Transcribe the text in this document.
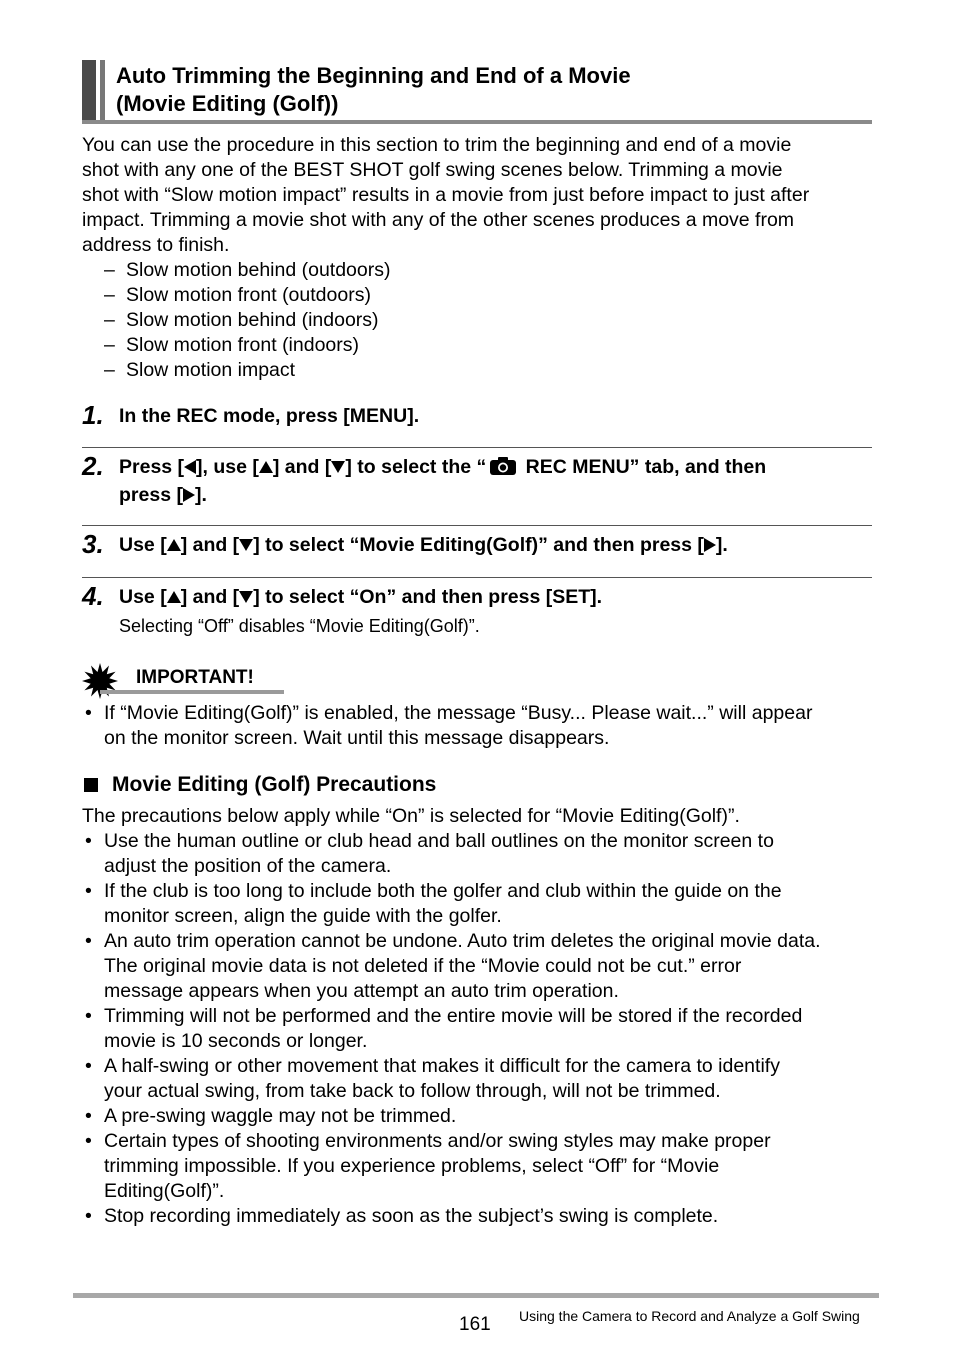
Auto Trimming the Beginning and End of a Movie
(Movie Editing (Golf))

You can use the procedure in this section to trim the beginning and end of a movie

shot with any one of the BEST SHOT golf swing scenes below. Trimming a movie

shot with “Slow motion impact” results in a movie from just before impact to just after

impact. Trimming a movie shot with any of the other scenes produces a move from

address to finish.

– Slow motion behind (outdoors)
– Slow motion front (outdoors)
– Slow motion behind (indoors)
– Slow motion front (indoors)
– Slow motion impact
1. In the REC mode, press [MENU].
2. Press [ ], use [ ] and [ ] to select the “ REC MENU” tab, and then
press [ ].
3. Use [ ] and [ ] to select “Movie Editing(Golf)” and then press [ ].
4. Use [ ] and [ ] to select “On” and then press [SET].
Selecting “Off” disables “Movie Editing(Golf)”.
IMPORTANT!
• If “Movie Editing(Golf)” is enabled, the message “Busy... Please wait...” will appear
on the monitor screen. Wait until this message disappears.
Movie Editing (Golf) Precautions
The precautions below apply while “On” is selected for “Movie Editing(Golf)”.
• Use the human outline or club head and ball outlines on the monitor screen to
adjust the position of the camera.
• If the club is too long to include both the golfer and club within the guide on the
monitor screen, align the guide with the golfer.
• An auto trim operation cannot be undone. Auto trim deletes the original movie data.
The original movie data is not deleted if the “Movie could not be cut.” error
message appears when you attempt an auto trim operation.
• Trimming will not be performed and the entire movie will be stored if the recorded
movie is 10 seconds or longer.
• A half-swing or other movement that makes it difficult for the camera to identify
your actual swing, from take back to follow through, will not be trimmed.
• A pre-swing waggle may not be trimmed.
• Certain types of shooting environments and/or swing styles may make proper
trimming impossible. If you experience problems, select “Off” for “Movie
Editing(Golf)”.
• Stop recording immediately as soon as the subject’s swing is complete.
161 Using the Camera to Record and Analyze a Golf Swing
